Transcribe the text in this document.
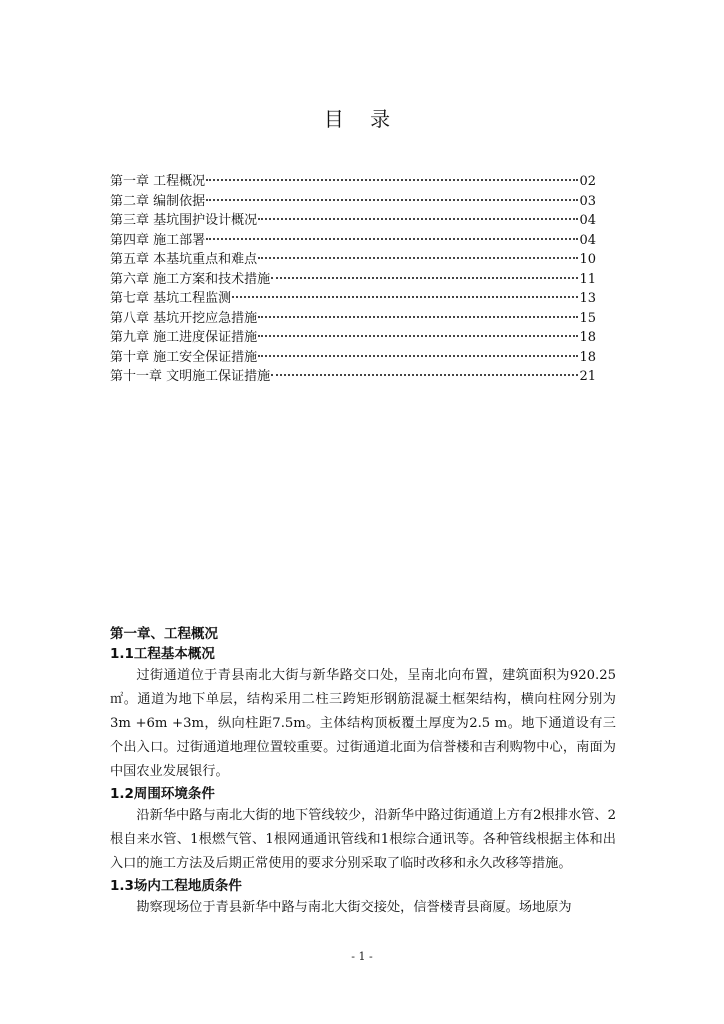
目 录
第一章 工程概况	02
第二章 编制依据	03
第三章 基坑围护设计概况	04
第四章 施工部署	04
第五章 本基坑重点和难点	10
第六章 施工方案和技术措施	11
第七章 基坑工程监测	13
第八章 基坑开挖应急措施	15
第九章 施工进度保证措施	18
第十章 施工安全保证措施	18
第十一章 文明施工保证措施	21
第一章、工程概况
1.1工程基本概况

过街通道位于青县南北大街与新华路交口处，呈南北向布置，建筑面积为920.25㎡。通道为地下单层，结构采用二柱三跨矩形钢筋混凝土框架结构，横向柱网分别为3m +6m +3m，纵向柱距7.5m。主体结构顶板覆土厚度为2.5 m。地下通道设有三个出入口。过街通道地理位置较重要。过街通道北面为信誉楼和吉利购物中心，南面为中国农业发展银行。

1.2周围环境条件

沿新华中路与南北大街的地下管线较少，沿新华中路过街通道上方有2根排水管、2根自来水管、1根燃气管、1根网通通讯管线和1根综合通讯等。各种管线根据主体和出入口的施工方法及后期正常使用的要求分别采取了临时改移和永久改移等措施。

1.3场内工程地质条件

勘察现场位于青县新华中路与南北大街交接处，信誉楼青县商厦。场地原为

- 1 -
